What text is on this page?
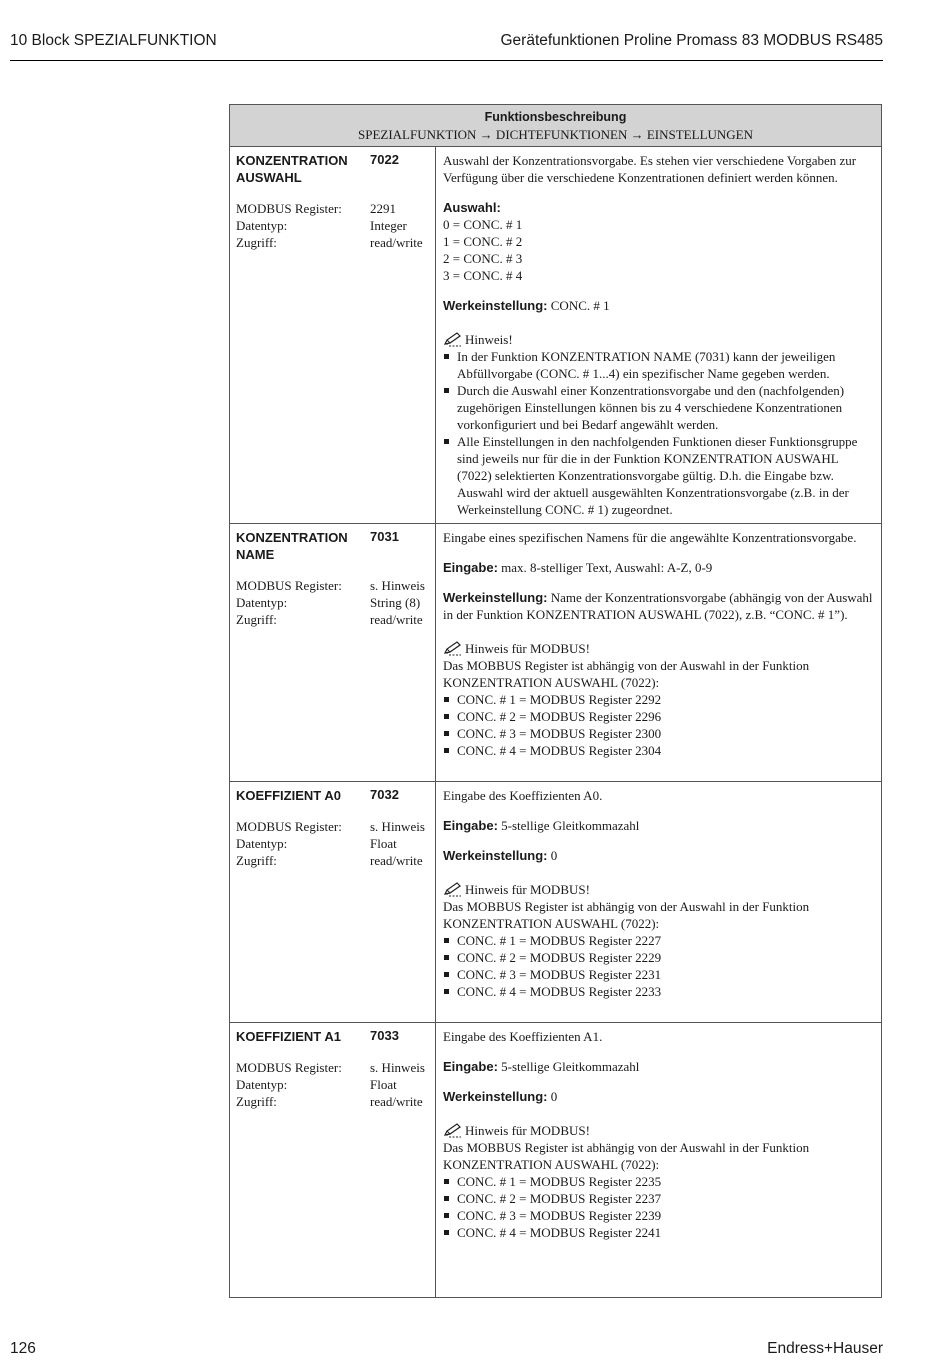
10 Block SPEZIALFUNKTION	Gerätefunktionen Proline Promass 83 MODBUS RS485
Funktionsbeschreibung
SPEZIALFUNKTION → DICHTEFUNKTIONEN → EINSTELLUNGEN
KONZENTRATION AUSWAHL
7022
MODBUS Register:	2291
Datentyp:	Integer
Zugriff:	read/write

Auswahl der Konzentrationsvorgabe. Es stehen vier verschiedene Vorgaben zur Verfügung über die verschiedene Konzentrationen definiert werden können.

Auswahl:
0 = CONC. # 1
1 = CONC. # 2
2 = CONC. # 3
3 = CONC. # 4
Werkeinstellung: CONC. # 1
Hinweis!
In der Funktion KONZENTRATION NAME (7031) kann der jeweiligen Abfüllvorgabe (CONC. # 1...4) ein spezifischer Name gegeben werden.
Durch die Auswahl einer Konzentrationsvorgabe und den (nachfolgenden) zugehörigen Einstellungen können bis zu 4 verschiedene Konzentrationen vorkonfiguriert und bei Bedarf angewählt werden.
Alle Einstellungen in den nachfolgenden Funktionen dieser Funktionsgruppe sind jeweils nur für die in der Funktion KONZENTRATION AUSWAHL (7022) selektierten Konzentrationsvorgabe gültig. D.h. die Eingabe bzw. Auswahl wird der aktuell ausgewählten Konzentrationsvorgabe (z.B. in der Werkeinstellung CONC. # 1) zugeordnet.
KONZENTRATION NAME
7031
MODBUS Register:	s. Hinweis
Datentyp:	String (8)
Zugriff:	read/write

Eingabe eines spezifischen Namens für die angewählte Konzentrationsvorgabe.

Eingabe: max. 8-stelliger Text, Auswahl: A-Z, 0-9
Werkeinstellung: Name der Konzentrationsvorgabe (abhängig von der Auswahl in der Funktion KONZENTRATION AUSWAHL (7022), z.B. “CONC. # 1”).
Hinweis für MODBUS!
Das MOBBUS Register ist abhängig von der Auswahl in der Funktion KONZENTRATION AUSWAHL (7022):
CONC. # 1 = MODBUS Register 2292
CONC. # 2 = MODBUS Register 2296
CONC. # 3 = MODBUS Register 2300
CONC. # 4 = MODBUS Register 2304
KOEFFIZIENT A0	7032
MODBUS Register:	s. Hinweis
Datentyp:	Float
Zugriff:	read/write

Eingabe des Koeffizienten A0.

Eingabe: 5-stellige Gleitkommazahl
Werkeinstellung: 0
Hinweis für MODBUS!
Das MOBBUS Register ist abhängig von der Auswahl in der Funktion KONZENTRATION AUSWAHL (7022):
CONC. # 1 = MODBUS Register 2227
CONC. # 2 = MODBUS Register 2229
CONC. # 3 = MODBUS Register 2231
CONC. # 4 = MODBUS Register 2233
KOEFFIZIENT A1	7033
MODBUS Register:	s. Hinweis
Datentyp:	Float
Zugriff:	read/write

Eingabe des Koeffizienten A1.

Eingabe: 5-stellige Gleitkommazahl
Werkeinstellung: 0
Hinweis für MODBUS!
Das MOBBUS Register ist abhängig von der Auswahl in der Funktion KONZENTRATION AUSWAHL (7022):
CONC. # 1 = MODBUS Register 2235
CONC. # 2 = MODBUS Register 2237
CONC. # 3 = MODBUS Register 2239
CONC. # 4 = MODBUS Register 2241
126	Endress+Hauser
